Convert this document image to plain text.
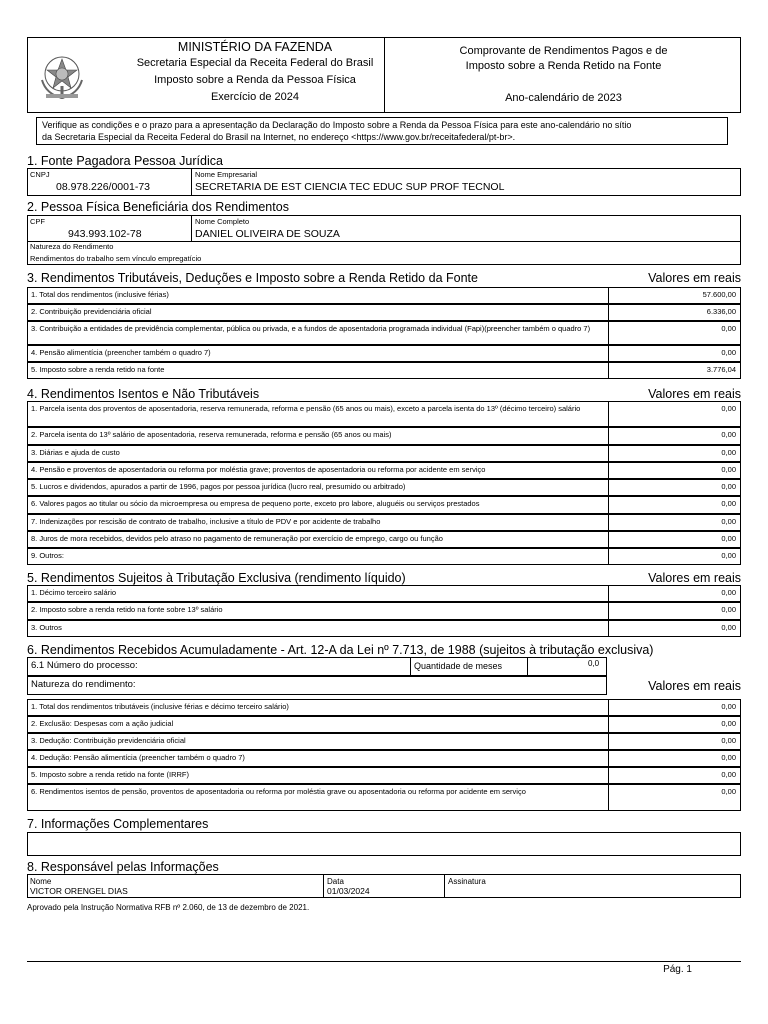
MINISTÉRIO DA FAZENDA
Secretaria Especial da Receita Federal do Brasil
Imposto sobre a Renda da Pessoa Física
Exercício de 2024
Comprovante de Rendimentos Pagos e de
Imposto sobre a Renda Retido na Fonte
Ano-calendário de 2023
Verifique as condições e o prazo para a apresentação da Declaração do Imposto sobre a Renda da Pessoa Física para este ano-calendário no sítio
da Secretaria Especial da Receita Federal do Brasil na Internet, no endereço <https://www.gov.br/receitafederal/pt-br>.
1. Fonte Pagadora Pessoa Jurídica
CNPJ
08.978.226/0001-73
Nome Empresarial
SECRETARIA DE EST CIENCIA TEC EDUC SUP PROF TECNOL
2. Pessoa Física Beneficiária dos Rendimentos
CPF
943.993.102-78
Nome Completo
DANIEL OLIVEIRA DE SOUZA
Natureza do Rendimento
Rendimentos do trabalho sem vínculo empregatício
3. Rendimentos Tributáveis, Deduções e Imposto sobre a Renda Retido da Fonte	Valores em reais
1. Total dos rendimentos (inclusive férias)	57.600,00
2. Contribuição previdenciária oficial	6.336,00
3. Contribuição a entidades de previdência complementar, pública ou privada, e a fundos de aposentadoria programada individual (Fapi)(preencher também o quadro 7)	0,00
4. Pensão alimentícia (preencher também o quadro 7)	0,00
5. Imposto sobre a renda retido na fonte	3.776,04
4. Rendimentos Isentos e Não Tributáveis	Valores em reais
1. Parcela isenta dos proventos de aposentadoria, reserva remunerada, reforma e pensão (65 anos ou mais), exceto a parcela isenta do 13º (décimo terceiro) salário	0,00
2. Parcela isenta do 13º salário de aposentadoria, reserva remunerada, reforma e pensão (65 anos ou mais)	0,00
3. Diárias e ajuda de custo	0,00
4. Pensão e proventos de aposentadoria ou reforma por moléstia grave; proventos de aposentadoria ou reforma por acidente em serviço	0,00
5. Lucros e dividendos, apurados a partir de 1996, pagos por pessoa jurídica (lucro real, presumido ou arbitrado)	0,00
6. Valores pagos ao titular ou sócio da microempresa ou empresa de pequeno porte, exceto pro labore, aluguéis ou serviços prestados	0,00
7. Indenizações por rescisão de contrato de trabalho, inclusive a título de PDV e por acidente de trabalho	0,00
8. Juros de mora recebidos, devidos pelo atraso no pagamento de remuneração por exercício de emprego, cargo ou função	0,00
9. Outros:	0,00
5. Rendimentos Sujeitos à Tributação Exclusiva (rendimento líquido)	Valores em reais
1. Décimo terceiro salário	0,00
2. Imposto sobre a renda retido na fonte sobre 13º salário	0,00
3. Outros	0,00
6. Rendimentos Recebidos Acumuladamente - Art. 12-A da Lei nº 7.713, de 1988 (sujeitos à tributação exclusiva)
6.1 Número do processo:	Quantidade de meses	0,0
Natureza do rendimento:	Valores em reais
1. Total dos rendimentos tributáveis (inclusive férias e décimo terceiro salário)	0,00
2. Exclusão: Despesas com a ação judicial	0,00
3. Dedução: Contribuição previdenciária oficial	0,00
4. Dedução: Pensão alimentícia (preencher também o quadro 7)	0,00
5. Imposto sobre a renda retido na fonte (IRRF)	0,00
6. Rendimentos isentos de pensão, proventos de aposentadoria ou reforma por moléstia grave ou aposentadoria ou reforma por acidente em serviço	0,00
7. Informações Complementares
8. Responsável pelas Informações
Nome
VICTOR ORENGEL DIAS
Data
01/03/2024
Assinatura
Aprovado pela Instrução Normativa RFB nº 2.060, de 13 de dezembro de 2021.
Pág. 1
